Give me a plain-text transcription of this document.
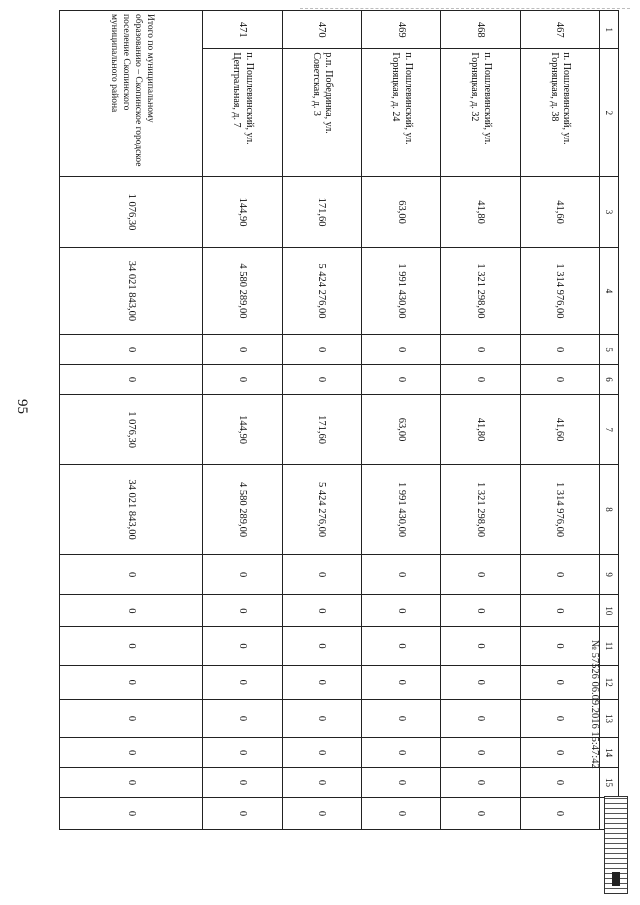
95
1	2	3	4	5	6	7	8	9	10	11	12	13	14	15	
467	п. Пошлевинский, ул. Горняцкая, д. 38	41,60	1 314 976,00	0	0	41,60	1 314 976,00	0	0	0	0	0	0	0	0
468	п. Пошлевинский, ул. Горняцкая, д. 32	41,80	1 321 298,00	0	0	41,80	1 321 298,00	0	0	0	0	0	0	0	0
469	п. Пошлевинский, ул. Горняцкая, д. 24	63,00	1 991 430,00	0	0	63,00	1 991 430,00	0	0	0	0	0	0	0	0
470	р.п. Побединка, ул. Советская, д. 3	171,60	5 424 276,00	0	0	171,60	5 424 276,00	0	0	0	0	0	0	0	0
471	п. Пошлевинский, ул. Центральная, д. 7	144,90	4 580 289,00	0	0	144,90	4 580 289,00	0	0	0	0	0	0	0	0
Итого по муниципальному образованию – Скопинское городское поселение Скопинского муниципального района		1 076,30	34 021 843,00	0	0	1 076,30	34 021 843,00	0	0	0	0	0	0	0	0
№ 57526 06.09.2016 15:47:42
